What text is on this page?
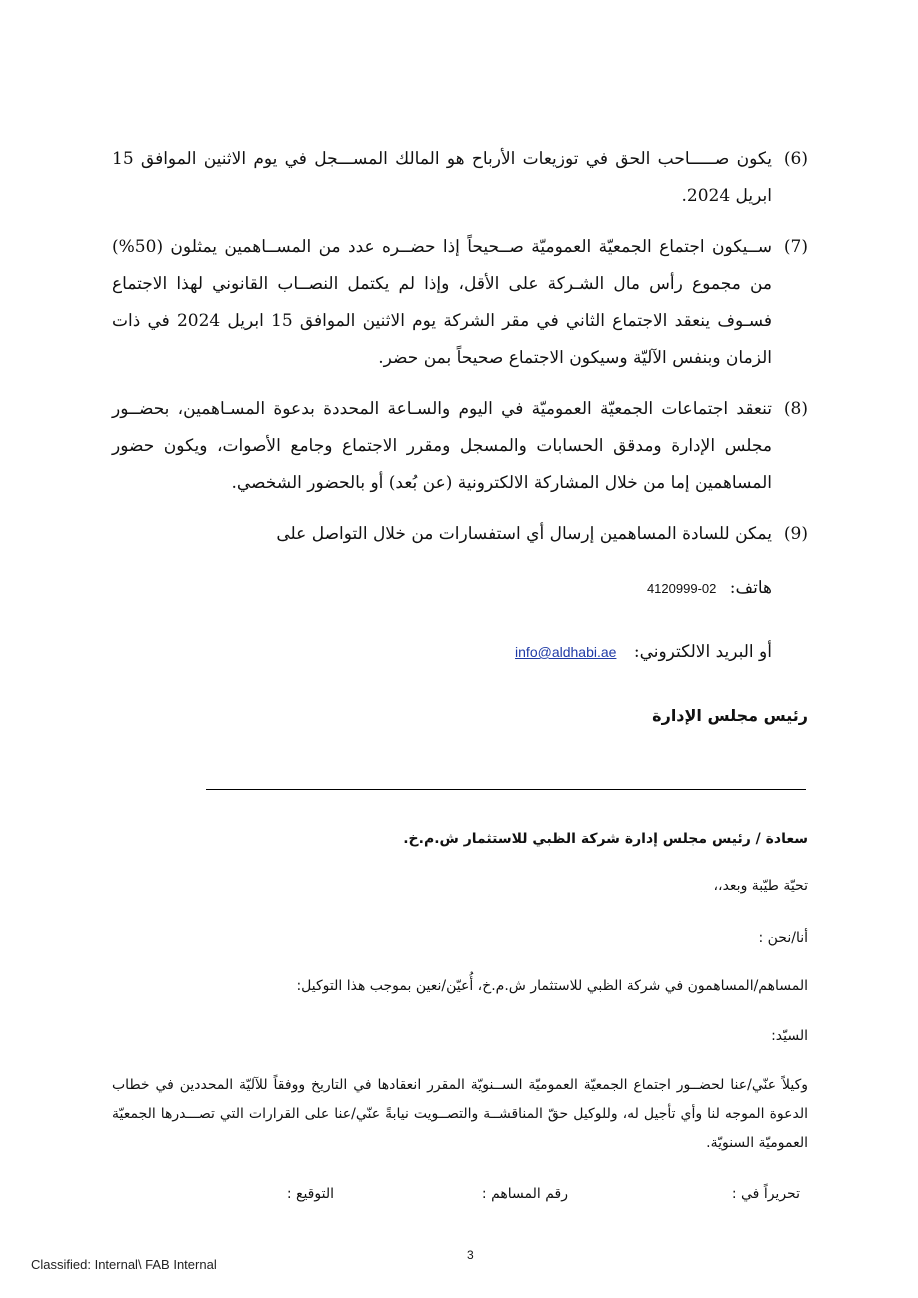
(6)
يكون صـــــاحب الحق في توزيعات الأرباح هو المالك المســـجل في يوم الاثنين الموافق 15 ابريل 2024.
(7)
ســيكون اجتماع الجمعيّة العموميّة صــحيحاً إذا حضــره عدد من المســاهمين يمثلون (50%) من مجموع رأس مال الشـركة على الأقل، وإذا لم يكتمل النصــاب القانوني لهذا الاجتماع فسـوف ينعقد الاجتماع الثاني في مقر الشركة يوم الاثنين الموافق 15 ابريل 2024 في ذات الزمان وبنفس الآليّة وسيكون الاجتماع صحيحاً بمن حضر.
(8)
تنعقد اجتماعات الجمعيّة العموميّة في اليوم والسـاعة المحددة بدعوة المسـاهمين، بحضــور مجلس الإدارة ومدقق الحسابات والمسجل ومقرر الاجتماع وجامع الأصوات، ويكون حضور المساهمين إما من خلال المشاركة الالكترونية (عن بُعد) أو بالحضور الشخصي.
(9)
يمكن للسادة المساهمين إرسال أي استفسارات من خلال التواصل على
هاتف: 02-4120999
أو البريد الالكتروني: info@aldhabi.ae
رئيس مجلس الإدارة
سعادة / رئيس مجلس إدارة شركة الظبي للاستثمار ش.م.خ.
تحيّة طيّبة وبعد،،
أنا/نحن :
المساهم/المساهمون في شركة الظبي للاستثمار ش.م.خ، أُعيّن/نعين بموجب هذا التوكيل:
السيّد:
وكيلاً عنّي/عنا لحضــور اجتماع الجمعيّة العموميّة الســنويّة المقرر انعقادها في التاريخ ووفقاً للآليّة المحددين في خطاب الدعوة الموجه لنا وأي تأجيل له، وللوكيل حقّ المناقشــة والتصــويت نيابةً عنّي/عنا على القرارات التي تصـــدرها الجمعيّة العموميّة السنويّة.
تحريراً في :
رقم المساهم :
التوقيع :
3
Classified: Internal\ FAB Internal
